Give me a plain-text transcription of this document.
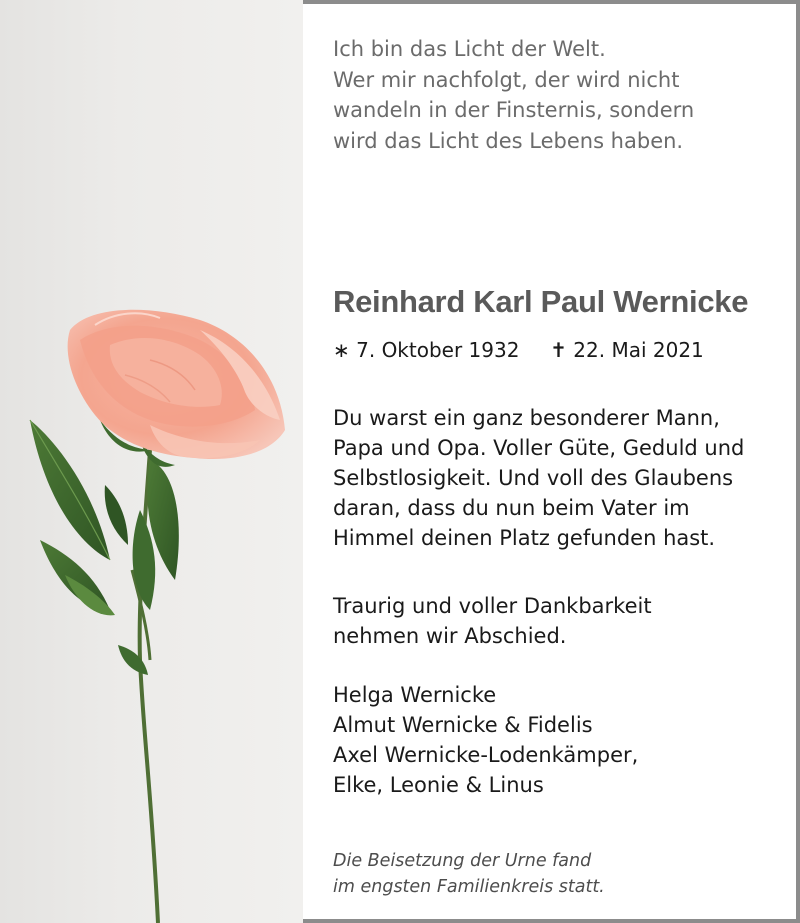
Ich bin das Licht der Welt.
Wer mir nachfolgt, der wird nicht
wandeln in der Finsternis, sondern
wird das Licht des Lebens haben.
Reinhard Karl Paul Wernicke
∗ 7. Oktober 1932 ✝ 22. Mai 2021
Du warst ein ganz besonderer Mann,
Papa und Opa. Voller Güte, Geduld und
Selbstlosigkeit. Und voll des Glaubens
daran, dass du nun beim Vater im
Himmel deinen Platz gefunden hast.
Traurig und voller Dankbarkeit
nehmen wir Abschied.
Helga Wernicke
Almut Wernicke & Fidelis
Axel Wernicke-Lodenkämper,
Elke, Leonie & Linus
Die Beisetzung der Urne fand
im engsten Familienkreis statt.
